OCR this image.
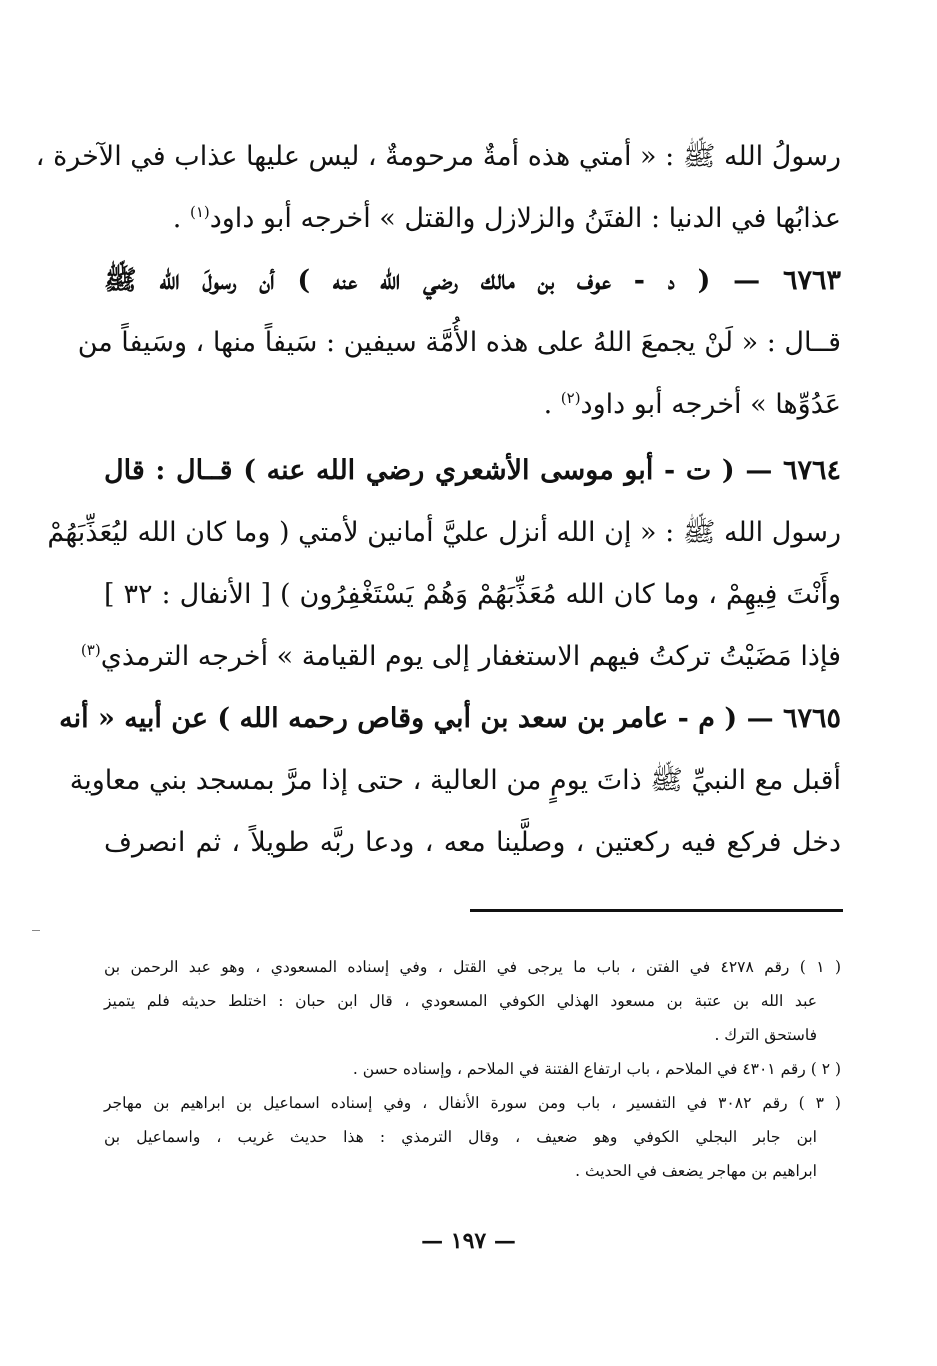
رسولُ الله ﷺ : « أمتي هذه أمةٌ مرحومةٌ ، ليس عليها عذاب في الآخرة ،
عذابُها في الدنيا : الفتَنُ والزلازل والقتل » أخرجه أبو داود$^{(١)}$ .
٦٧٦٣ — ( د - عوف بن مالك رضي الله عنه ) أن رسولَ الله ﷺ
قــال : « لَنْ يجمعَ اللهُ على هذه الأُمَّة سيفين : سَيفاً منها ، وسَيفاً من
عَدُوِّها » أخرجه أبو داود$^{(٢)}$ .
٦٧٦٤ — ( ت - أبو موسى الأشعري رضي الله عنه ) قــال : قال
رسول الله ﷺ : « إن الله أنزل عليَّ أمانين لأمتي ( وما كان الله ليُعَذِّبَهُمْ
وأَنْتَ فِيهِمْ ، وما كان الله مُعَذِّبَهُمْ وَهُمْ يَسْتَغْفِرُون ) [ الأنفال : ٣٢ ]
فإذا مَضَيْتُ تركتُ فيهم الاستغفار إلى يوم القيامة » أخرجه الترمذي$^{(٣)}$
٦٧٦٥ — ( م - عامر بن سعد بن أبي وقاص رحمه الله ) عن أبيه « أنه
أقبل مع النبيِّ ﷺ ذاتَ يومٍ من العالية ، حتى إذا مرَّ بمسجد بني معاوية
دخل فركع فيه ركعتين ، وصلَّينا معه ، ودعا ربَّه طويلاً ، ثم انصرف
( ١ ) رقم ٤٢٧٨ في الفتن ، باب ما يرجى في القتل ، وفي إسناده المسعودي ، وهو عبد الرحمن بن
عبد الله بن عتبة بن مسعود الهذلي الكوفي المسعودي ، قال ابن حبان : اختلط حديثه فلم يتميز
فاستحق الترك .
( ٢ ) رقم ٤٣٠١ في الملاحم ، باب ارتفاع الفتنة في الملاحم ، وإسناده حسن .
( ٣ ) رقم ٣٠٨٢ في التفسير ، باب ومن سورة الأنفال ، وفي إسناده اسماعيل بن ابراهيم بن مهاجر
ابن جابر البجلي الكوفي وهو ضعيف ، وقال الترمذي : هذا حديث غريب ، واسماعيل بن
ابراهيم بن مهاجر يضعف في الحديث .
— ١٩٧ —
